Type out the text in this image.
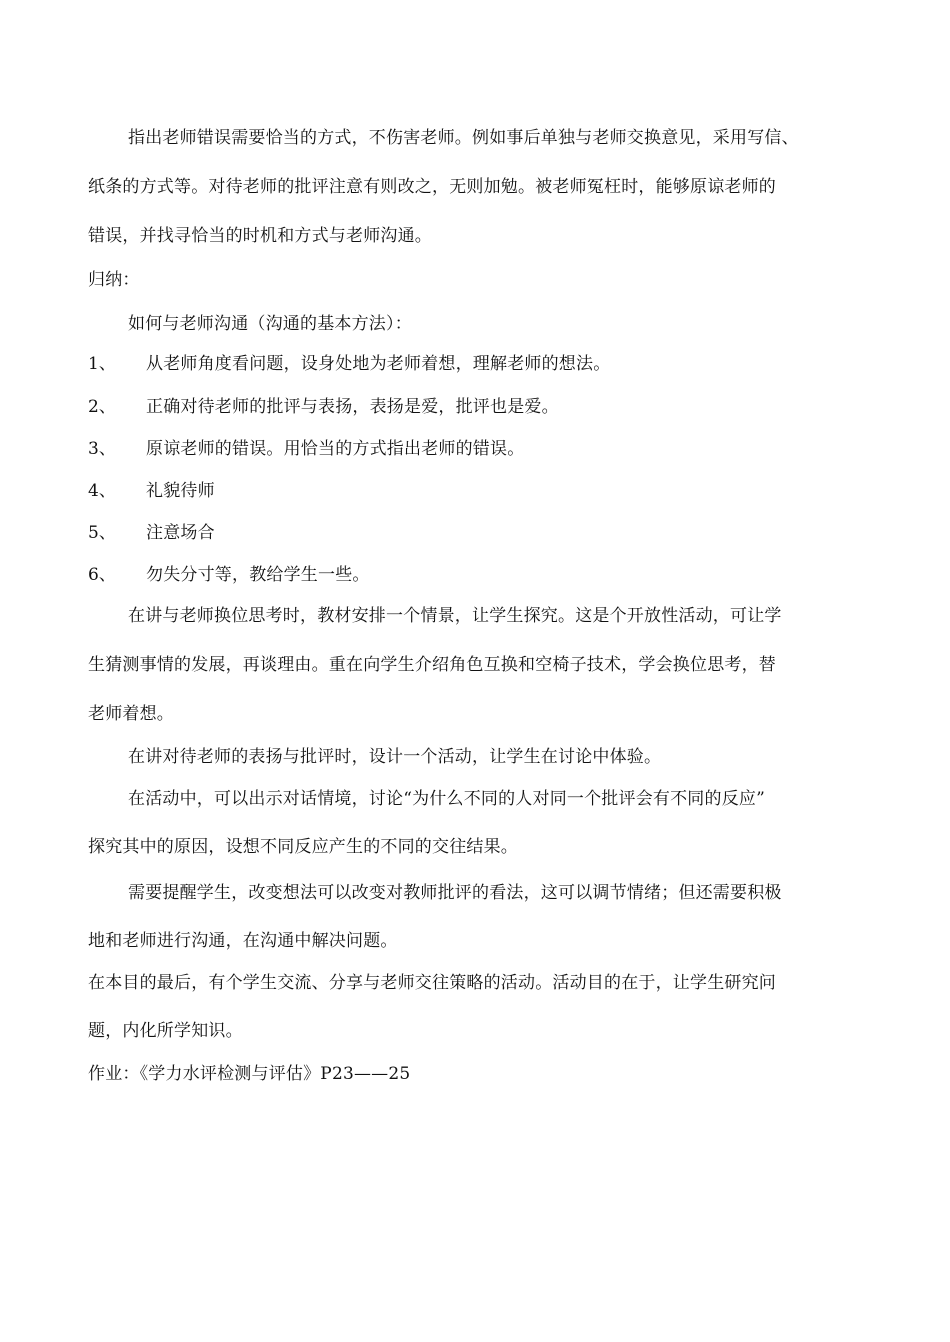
指出老师错误需要恰当的方式，不伤害老师。例如事后单独与老师交换意见，采用写信、
纸条的方式等。对待老师的批评注意有则改之，无则加勉。被老师冤枉时，能够原谅老师的
错误，并找寻恰当的时机和方式与老师沟通。
归纳：
如何与老师沟通（沟通的基本方法）：
1、 从老师角度看问题，设身处地为老师着想，理解老师的想法。
2、 正确对待老师的批评与表扬，表扬是爱，批评也是爱。
3、 原谅老师的错误。用恰当的方式指出老师的错误。
4、 礼貌待师
5、 注意场合
6、 勿失分寸等，教给学生一些。
在讲与老师换位思考时，教材安排一个情景，让学生探究。这是个开放性活动，可让学
生猜测事情的发展，再谈理由。重在向学生介绍角色互换和空椅子技术，学会换位思考，替
老师着想。
在讲对待老师的表扬与批评时，设计一个活动，让学生在讨论中体验。
在活动中，可以出示对话情境，讨论“为什么不同的人对同一个批评会有不同的反应”
探究其中的原因，设想不同反应产生的不同的交往结果。
需要提醒学生，改变想法可以改变对教师批评的看法，这可以调节情绪；但还需要积极
地和老师进行沟通，在沟通中解决问题。
在本目的最后，有个学生交流、分享与老师交往策略的活动。活动目的在于，让学生研究问
题，内化所学知识。
作业：《学力水评检测与评估》P23——25
